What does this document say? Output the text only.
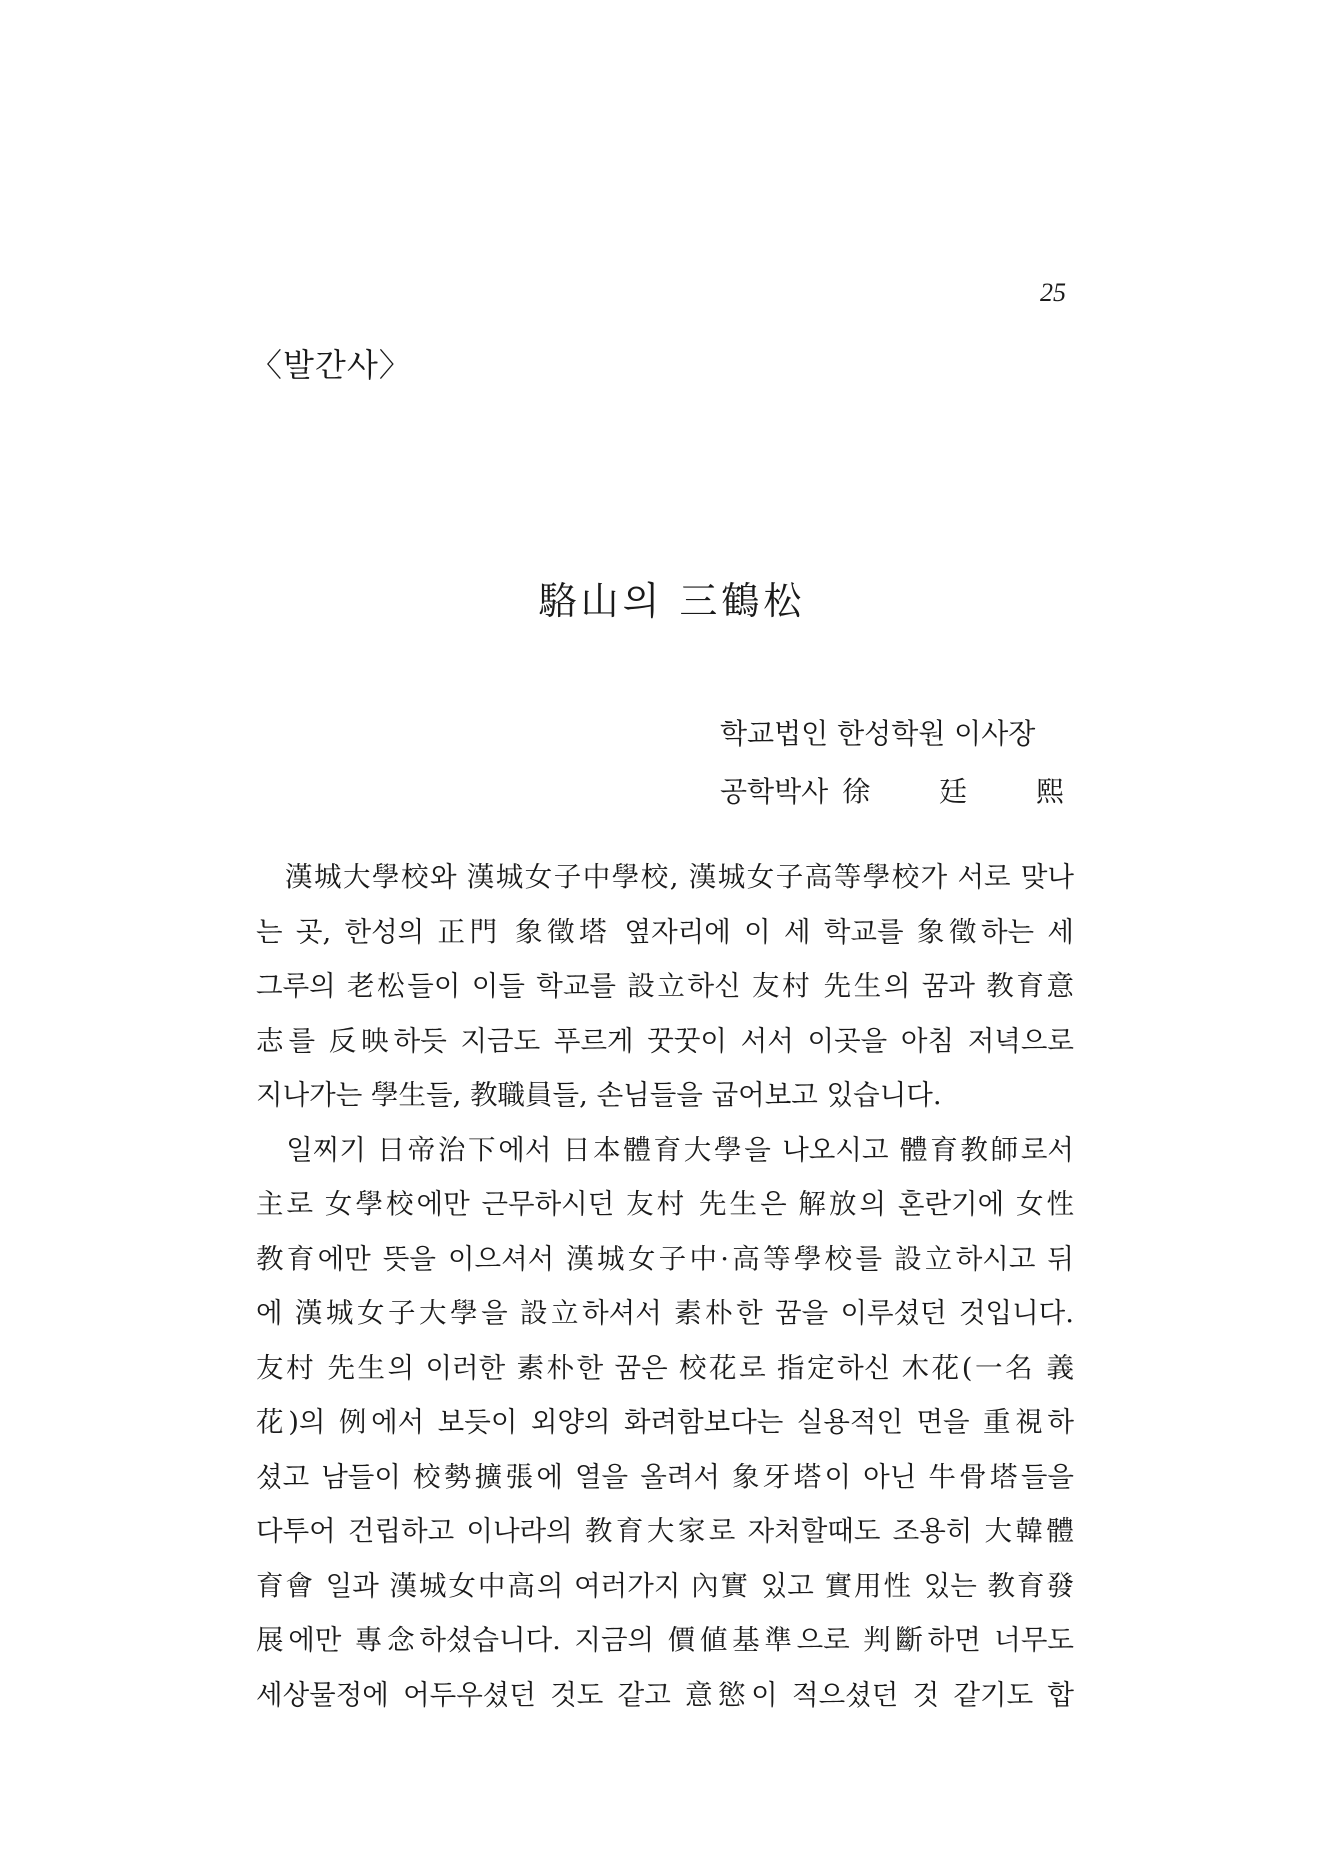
25
〈발간사〉
駱山의 三鶴松
학교법인 한성학원 이사장
공학박사 徐 廷 熙
　漢城大學校와 漢城女子中學校, 漢城女子高等學校가 서로 맞나
는 곳, 한성의 正門 象徵塔 옆자리에 이 세 학교를 象徵하는 세
그루의 老松들이 이들 학교를 設立하신 友村 先生의 꿈과 教育意
志를 反映하듯 지금도 푸르게 꿋꿋이 서서 이곳을 아침 저녁으로
지나가는 學生들, 教職員들, 손님들을 굽어보고 있습니다.
　일찌기 日帝治下에서 日本體育大學을 나오시고 體育教師로서
主로 女學校에만 근무하시던 友村 先生은 解放의 혼란기에 女性
教育에만 뜻을 이으셔서 漢城女子中·高等學校를 設立하시고 뒤
에 漢城女子大學을 設立하셔서 素朴한 꿈을 이루셨던 것입니다.
友村 先生의 이러한 素朴한 꿈은 校花로 指定하신 木花(一名 義
花)의 例에서 보듯이 외양의 화려함보다는 실용적인 면을 重視하
셨고 남들이 校勢擴張에 열을 올려서 象牙塔이 아닌 牛骨塔들을
다투어 건립하고 이나라의 教育大家로 자처할때도 조용히 大韓體
育會 일과 漢城女中高의 여러가지 內實 있고 實用性 있는 教育發
展에만 專念하셨습니다. 지금의 價値基準으로 判斷하면 너무도
세상물정에 어두우셨던 것도 같고 意慾이 적으셨던 것 같기도 합
